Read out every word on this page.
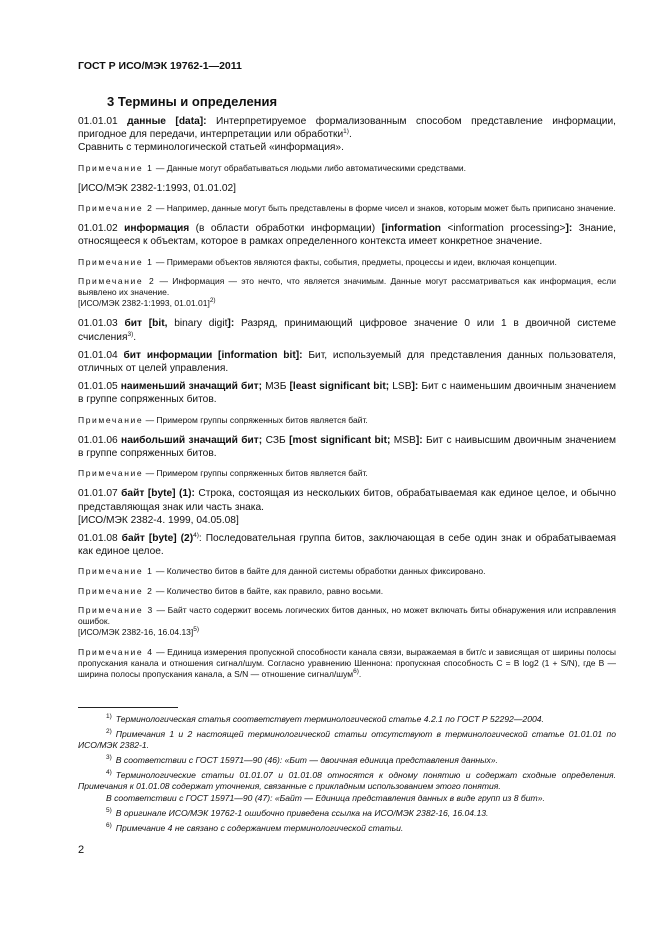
ГОСТ Р ИСО/МЭК 19762-1—2011
3 Термины и определения

01.01.01 данные [data]: Интерпретируемое формализованным способом представление информации, пригодное для передачи, интерпретации или обработки$^{1)}$.

Сравнить с терминологической статьей «информация».

Примечание 1 — Данные могут обрабатываться людьми либо автоматическими средствами.

[ИСО/МЭК 2382-1:1993, 01.01.02]

Примечание 2 — Например, данные могут быть представлены в форме чисел и знаков, которым может быть приписано значение.

01.01.02 информация (в области обработки информации) [information <information processing>]: Знание, относящееся к объектам, которое в рамках определенного контекста имеет конкретное значение.

Примечание 1 — Примерами объектов являются факты, события, предметы, процессы и идеи, включая концепции.

Примечание 2 — Информация — это нечто, что является значимым. Данные могут рассматриваться как информация, если выявлено их значение.

[ИСО/МЭК 2382-1:1993, 01.01.01]$^{2)}$

01.01.03 бит [bit, binary digit]: Разряд, принимающий цифровое значение 0 или 1 в двоичной системе счисления$^{3)}$.

01.01.04 бит информации [information bit]: Бит, используемый для представления данных пользователя, отличных от целей управления.

01.01.05 наименьший значащий бит; МЗБ [least significant bit; LSB]: Бит с наименьшим двоичным значением в группе сопряженных битов.

Примечание — Примером группы сопряженных битов является байт.

01.01.06 наибольший значащий бит; СЗБ [most significant bit; MSB]: Бит с наивысшим двоичным значением в группе сопряженных битов.

Примечание — Примером группы сопряженных битов является байт.

01.01.07 байт [byte] (1): Строка, состоящая из нескольких битов, обрабатываемая как единое целое, и обычно представляющая знак или часть знака.

[ИСО/МЭК 2382-4. 1999, 04.05.08]

01.01.08 байт [byte] $(2)^{4)}$: Последовательная группа битов, заключающая в себе один знак и обрабатываемая как единое целое.

Примечание 1 — Количество битов в байте для данной системы обработки данных фиксировано.

Примечание 2 — Количество битов в байте, как правило, равно восьми.

Примечание 3 — Байт часто содержит восемь логических битов данных, но может включать биты обнаружения или исправления ошибок.

[ИСО/МЭК 2382-16, 16.04.13]$^{5)}$

Примечание 4 — Единица измерения пропускной способности канала связи, выражаемая в бит/с и зависящая от ширины полосы пропускания канала и отношения сигнал/шум. Согласно уравнению Шеннона: пропускная способность С = В log2 (1 + S/N), где В — ширина полосы пропускания канала, а S/N — отношение сигнал/шум$^{6)}$.

$^{1)}$ Терминологическая статья соответствует терминологической статье 4.2.1 по ГОСТ Р 52292—2004.

$^{2)}$ Примечания 1 и 2 настоящей терминологической статьи отсутствуют в терминологической статье 01.01.01 по ИСО/МЭК 2382-1.

$^{3)}$ В соответствии с ГОСТ 15971—90 (46): «Бит — двоичная единица представления данных».

$^{4)}$ Терминологические статьи 01.01.07 и 01.01.08 относятся к одному понятию и содержат сходные определения. Примечания к 01.01.08 содержат уточнения, связанные с прикладным использованием этого понятия.

В соответствии с ГОСТ 15971—90 (47): «Байт — Единица представления данных в виде групп из 8 бит».

$^{5)}$ В оригинале ИСО/МЭК 19762-1 ошибочно приведена ссылка на ИСО/МЭК 2382-16, 16.04.13.

$^{6)}$ Примечание 4 не связано с содержанием терминологической статьи.

2
